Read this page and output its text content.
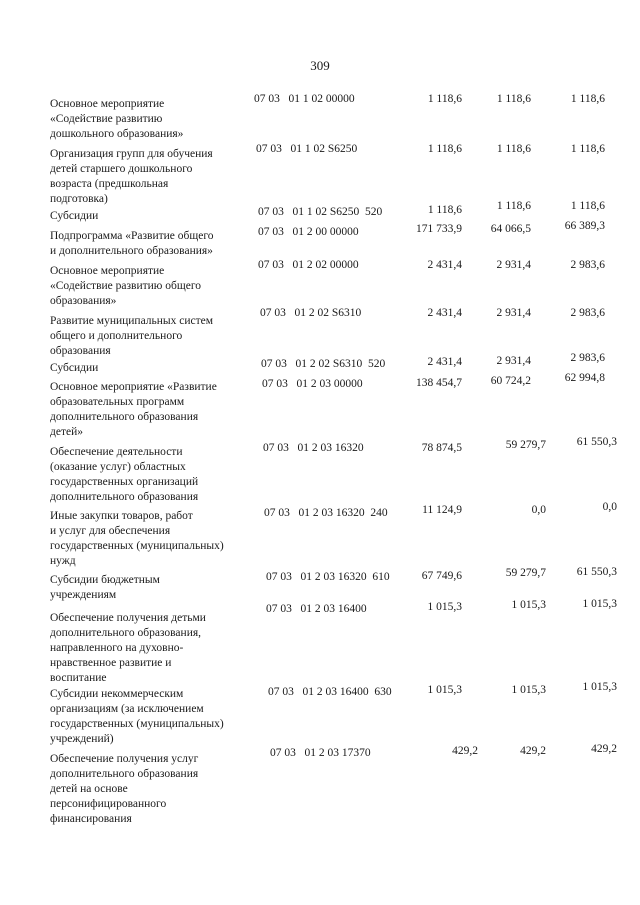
309
Основное мероприятие
«Содействие развитию
дошкольного образования»
07 03   01 1 02 00000	1 118,6	1 118,6	1 118,6
Организация групп для обучения
детей старшего дошкольного
возраста (предшкольная
подготовка)
07 03   01 1 02 S6250	1 118,6	1 118,6	1 118,6
Субсидии	07 03   01 1 02 S6250  520	1 118,6	1 118,6	1 118,6
Подпрограмма «Развитие общего
и дополнительного образования»
07 03   01 2 00 00000	171 733,9	64 066,5	66 389,3
Основное мероприятие
«Содействие развитию общего
образования»
07 03   01 2 02 00000	2 431,4	2 931,4	2 983,6
Развитие муниципальных систем
общего и дополнительного
образования
07 03   01 2 02 S6310	2 431,4	2 931,4	2 983,6
Субсидии	07 03   01 2 02 S6310  520	2 431,4	2 931,4	2 983,6
Основное мероприятие «Развитие
образовательных программ
дополнительного образования
детей»
07 03   01 2 03 00000	138 454,7	60 724,2	62 994,8
Обеспечение деятельности
(оказание услуг) областных
государственных организаций
дополнительного образования
07 03   01 2 03 16320	78 874,5	59 279,7	61 550,3
Иные закупки товаров, работ
и услуг для обеспечения
государственных (муниципальных)
нужд
07 03   01 2 03 16320  240	11 124,9	0,0	0,0
Субсидии бюджетным
учреждениям
07 03   01 2 03 16320  610	67 749,6	59 279,7	61 550,3
Обеспечение получения детьми
дополнительного образования,
направленного на духовно-
нравственное развитие и
воспитание
07 03   01 2 03 16400	1 015,3	1 015,3	1 015,3
Субсидии некоммерческим
организациям (за исключением
государственных (муниципальных)
учреждений)
07 03   01 2 03 16400  630	1 015,3	1 015,3	1 015,3
Обеспечение получения услуг
дополнительного образования
детей на основе
персонифицированного
финансирования
07 03   01 2 03 17370	429,2	429,2	429,2
